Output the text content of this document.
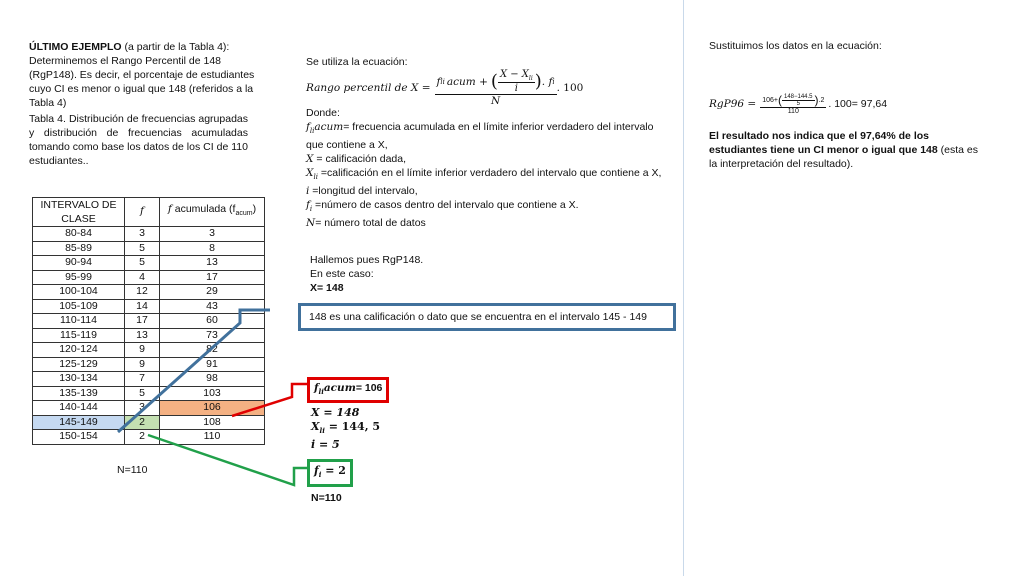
ÚLTIMO EJEMPLO (a partir de la Tabla 4): Determinemos el Rango Percentil de 148 (RgP148). Es decir, el porcentaje de estudiantes cuyo CI es menor o igual que 148 (referidos a la Tabla 4)
Tabla 4. Distribución de frecuencias agrupadas y distribución de frecuencias acumuladas tomando como base los datos de los CI de 110 estudiantes..
INTERVALO DE CLASE	f	f acumulada $(f_{acum})$
80-84	3	3
85-89	5	8
90-94	5	13
95-99	4	17
100-104	12	29
105-109	14	43
110-114	17	60
115-119	13	73
120-124	9	82
125-129	9	91
130-134	7	98
135-139	5	103
140-144	3	106
145-149	2	108
150-154	2	110
N=110
Se utiliza la ecuación:
Rango percentil de $X = \frac{f li acum + ( \frac{X - X_{li}}{i} ) . f i}{N}$ . 100
Donde:
$f_{li}acum=$ frecuencia acumulada en el límite inferior verdadero del intervalo que contiene a X,
X = calificación dada,
$X_{li}$ =calificación en el límite inferior verdadero del intervalo que contiene a X,
i =longitud del intervalo,
$f_i$ =número de casos dentro del intervalo que contiene a X.
N= número total de datos
Hallemos pues RgP148.
En este caso:
X= 148
148 es una calificación o dato que se encuentra en el intervalo 145 - 149
$f_{li}acum= 106$
X = 148
$X_{li} = 144$, 5
i = 5
$f_i = 2$
N=110
Sustituimos los datos en la ecuación:
$RgP96 = \frac{106+ ( \frac{148-144.5}{5} ) .2}{110}$ . 100= 97,64
El resultado nos indica que el 97,64% de los estudiantes tiene un CI menor o igual que 148 (esta es la interpretación del resultado).
